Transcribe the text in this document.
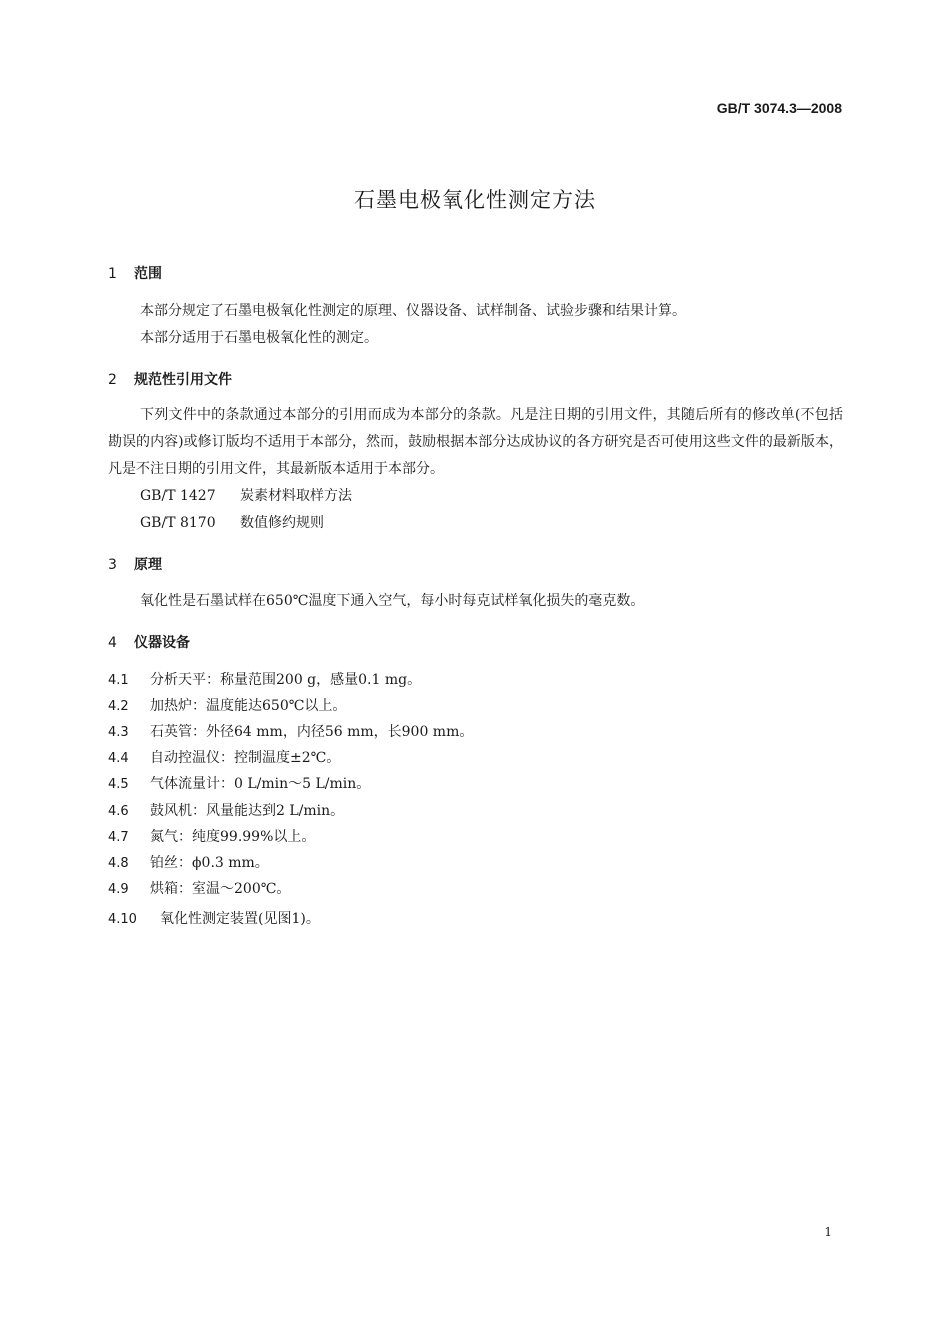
GB/T 3074.3—2008
石墨电极氧化性测定方法
1 范围

本部分规定了石墨电极氧化性测定的原理、仪器设备、试样制备、试验步骤和结果计算。

本部分适用于石墨电极氧化性的测定。

2 规范性引用文件

下列文件中的条款通过本部分的引用而成为本部分的条款。凡是注日期的引用文件，其随后所有的修改单(不包括勘误的内容)或修订版均不适用于本部分，然而，鼓励根据本部分达成协议的各方研究是否可使用这些文件的最新版本，凡是不注日期的引用文件，其最新版本适用于本部分。

GB/T 1427 炭素材料取样方法
GB/T 8170 数值修约规则
3 原理

氧化性是石墨试样在650℃温度下通入空气，每小时每克试样氧化损失的毫克数。

4 仪器设备
4.1 分析天平：称量范围200 g，感量0.1 mg。
4.2 加热炉：温度能达650℃以上。
4.3 石英管：外径64 mm，内径56 mm，长900 mm。
4.4 自动控温仪：控制温度±2℃。
4.5 气体流量计：0 L/min～5 L/min。
4.6 鼓风机：风量能达到2 L/min。
4.7 氮气：纯度99.99%以上。
4.8 铂丝：ϕ0.3 mm。
4.9 烘箱：室温～200℃。
4.10 氧化性测定装置(见图1)。
1
